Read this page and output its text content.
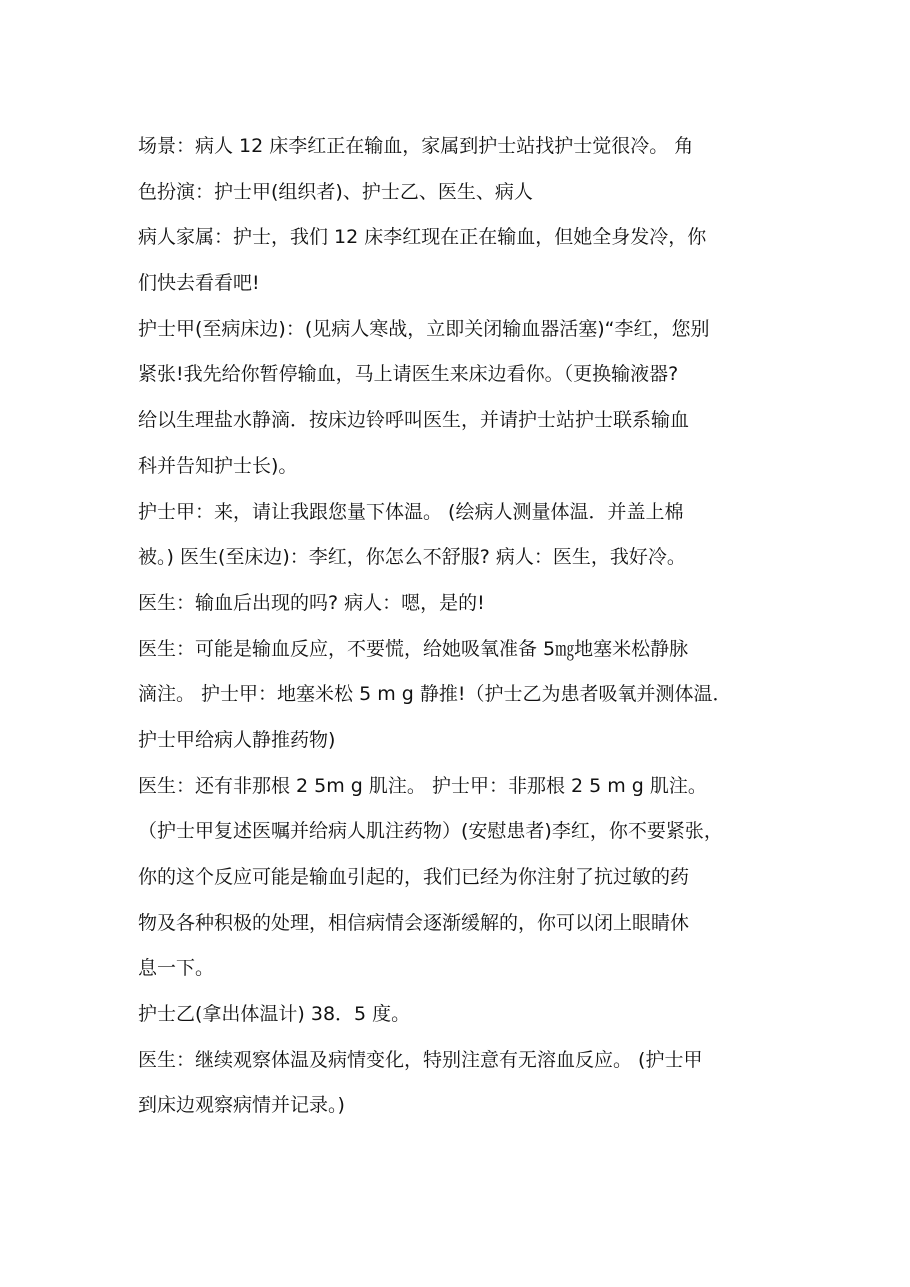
场景：病人 12 床李红正在输血，家属到护士站找护士觉很冷。 角
色扮演：护士甲(组织者)、护士乙、医生、病人
病人家属：护士，我们 12 床李红现在正在输血，但她全身发冷，你
们快去看看吧!
护士甲(至病床边)：(见病人寒战，立即关闭输血器活塞)“李红，您别
紧张!我先给你暂停输血，马上请医生来床边看你。（更换输液器?
给以生理盐水静滴．按床边铃呼叫医生，并请护士站护士联系输血
科并告知护士长)。
护士甲：来，请让我跟您量下体温。 (绘病人测量体温．并盖上棉
被。) 医生(至床边)：李红，你怎么不舒服? 病人：医生，我好冷。
医生：输血后出现的吗? 病人：嗯，是的!
医生：可能是输血反应，不要慌，给她吸氧准备 5㎎地塞米松静脉
滴注。 护士甲：地塞米松 5 m g 静推!（护士乙为患者吸氧并测体温．
护士甲给病人静推药物)
医生：还有非那根 2 5m g 肌注。 护士甲：非那根 2 5 m g 肌注。
（护士甲复述医嘱并给病人肌注药物）(安慰患者)李红，你不要紧张，
你的这个反应可能是输血引起的，我们已经为你注射了抗过敏的药
物及各种积极的处理，相信病情会逐渐缓解的，你可以闭上眼睛休
息一下。
护士乙(拿出体温计) 38．5 度。
医生：继续观察体温及病情变化，特别注意有无溶血反应。 (护士甲
到床边观察病情并记录。)
